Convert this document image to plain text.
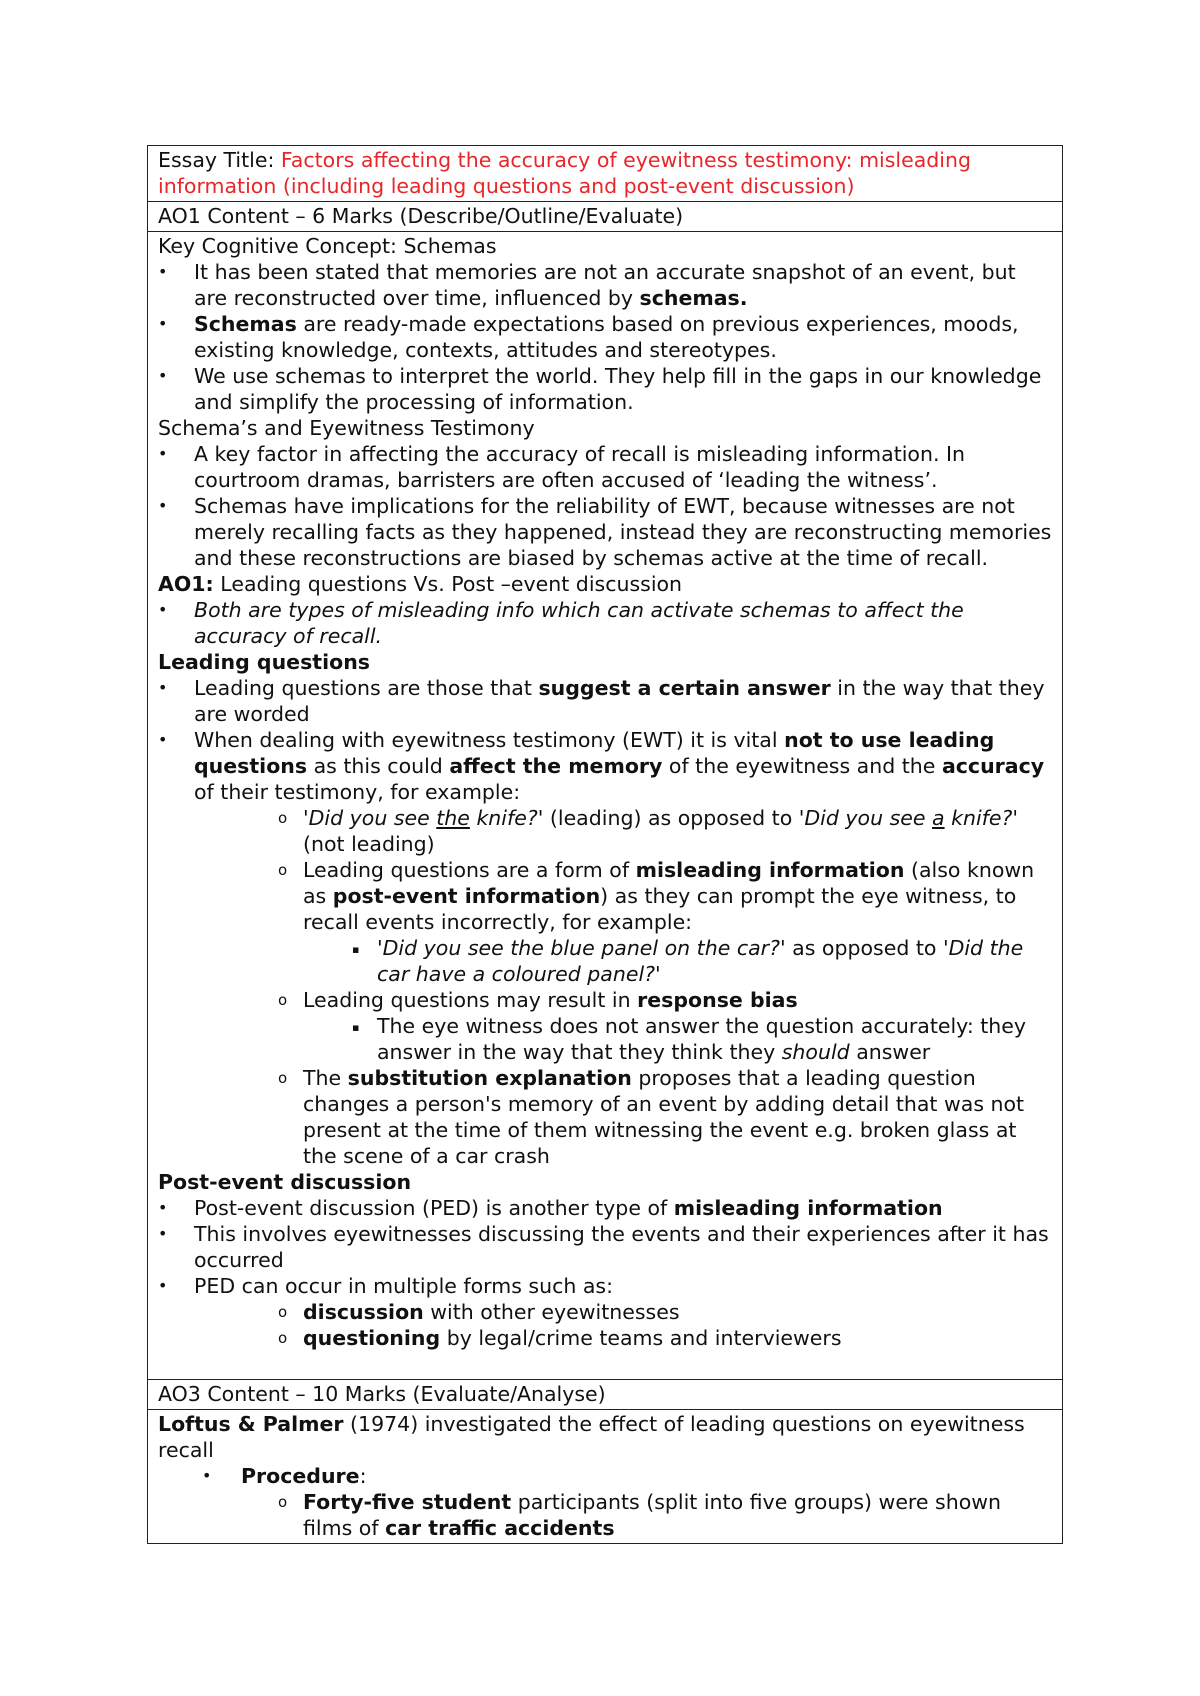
Essay Title: Factors affecting the accuracy of eyewitness testimony: misleading information (including leading questions and post-event discussion)
AO1 Content – 6 Marks (Describe/Outline/Evaluate)

Key Cognitive Concept: Schemas
• It has been stated that memories are not an accurate snapshot of an event, but are reconstructed over time, influenced by schemas.
• Schemas are ready-made expectations based on previous experiences, moods, existing knowledge, contexts, attitudes and stereotypes.
• We use schemas to interpret the world. They help fill in the gaps in our knowledge and simplify the processing of information.
Schema’s and Eyewitness Testimony
• A key factor in affecting the accuracy of recall is misleading information. In courtroom dramas, barristers are often accused of ‘leading the witness’.
• Schemas have implications for the reliability of EWT, because witnesses are not merely recalling facts as they happened, instead they are reconstructing memories and these reconstructions are biased by schemas active at the time of recall.
AO1: Leading questions Vs. Post –event discussion
• Both are types of misleading info which can activate schemas to affect the accuracy of recall.
Leading questions
• Leading questions are those that suggest a certain answer in the way that they are worded
• When dealing with eyewitness testimony (EWT) it is vital not to use leading questions as this could affect the memory of the eyewitness and the accuracy of their testimony, for example:
o 'Did you see the knife?' (leading) as opposed to 'Did you see a knife?' (not leading)
o Leading questions are a form of misleading information (also known as post-event information) as they can prompt the eye witness, to recall events incorrectly, for example:
▪ 'Did you see the blue panel on the car?' as opposed to 'Did the car have a coloured panel?'
o Leading questions may result in response bias
▪ The eye witness does not answer the question accurately: they answer in the way that they think they should answer
o The substitution explanation proposes that a leading question changes a person's memory of an event by adding detail that was not present at the time of them witnessing the event e.g. broken glass at the scene of a car crash
Post-event discussion
• Post-event discussion (PED) is another type of misleading information
• This involves eyewitnesses discussing the events and their experiences after it has occurred
• PED can occur in multiple forms such as:
o discussion with other eyewitnesses
o questioning by legal/crime teams and interviewers

AO3 Content – 10 Marks (Evaluate/Analyse)

Loftus & Palmer (1974) investigated the effect of leading questions on eyewitness recall
• Procedure:
o Forty-five student participants (split into five groups) were shown films of car traffic accidents
